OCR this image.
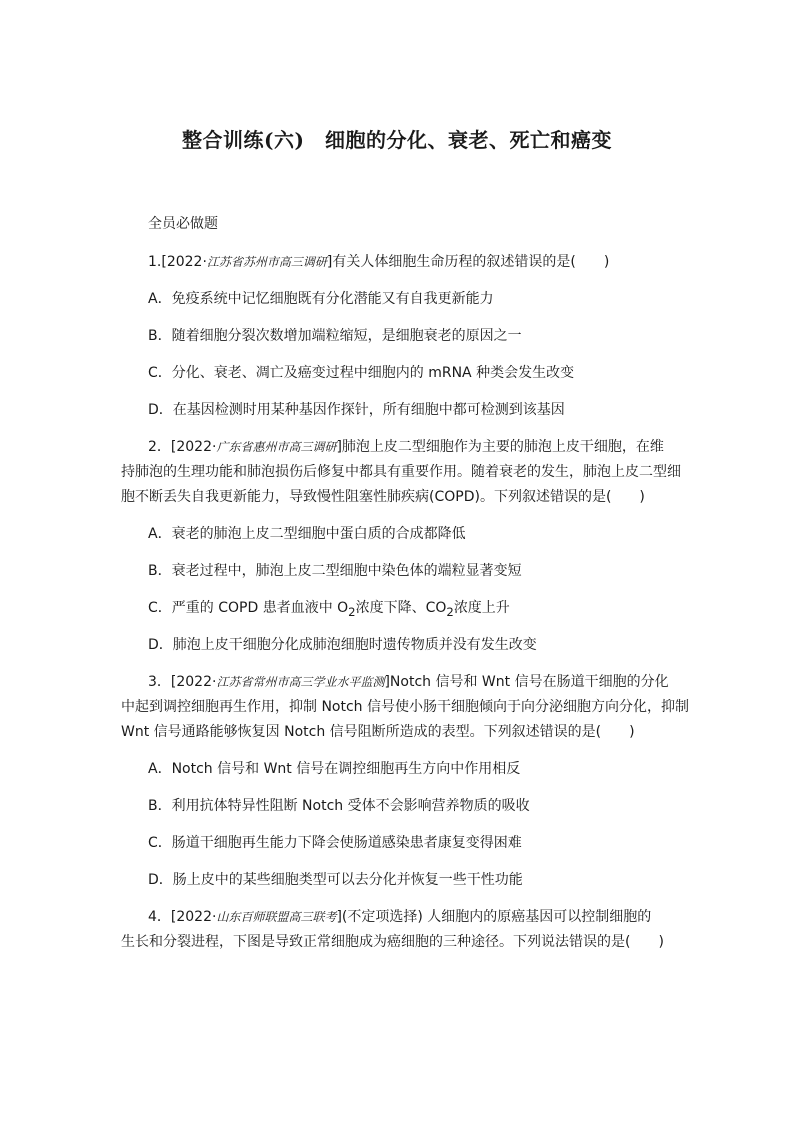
整合训练(六)　细胞的分化、衰老、死亡和癌变
全员必做题
1.[2022·江苏省苏州市高三调研]有关人体细胞生命历程的叙述错误的是(　　)
A．免疫系统中记忆细胞既有分化潜能又有自我更新能力
B．随着细胞分裂次数增加端粒缩短，是细胞衰老的原因之一
C．分化、衰老、凋亡及癌变过程中细胞内的 mRNA 种类会发生改变
D．在基因检测时用某种基因作探针，所有细胞中都可检测到该基因
2．[2022·广东省惠州市高三调研]肺泡上皮二型细胞作为主要的肺泡上皮干细胞，在维
持肺泡的生理功能和肺泡损伤后修复中都具有重要作用。随着衰老的发生，肺泡上皮二型细
胞不断丢失自我更新能力，导致慢性阻塞性肺疾病(COPD)。下列叙述错误的是(　　)
A．衰老的肺泡上皮二型细胞中蛋白质的合成都降低
B．衰老过程中，肺泡上皮二型细胞中染色体的端粒显著变短
C．严重的 COPD 患者血液中 $O_2$浓度下降、$CO_2$浓度上升
D．肺泡上皮干细胞分化成肺泡细胞时遗传物质并没有发生改变
3．[2022·江苏省常州市高三学业水平监测]Notch 信号和 Wnt 信号在肠道干细胞的分化
中起到调控细胞再生作用，抑制 Notch 信号使小肠干细胞倾向于向分泌细胞方向分化，抑制
Wnt 信号通路能够恢复因 Notch 信号阻断所造成的表型。下列叙述错误的是(　　)
A．Notch 信号和 Wnt 信号在调控细胞再生方向中作用相反
B．利用抗体特异性阻断 Notch 受体不会影响营养物质的吸收
C．肠道干细胞再生能力下降会使肠道感染患者康复变得困难
D．肠上皮中的某些细胞类型可以去分化并恢复一些干性功能
4．[2022·山东百师联盟高三联考](不定项选择) 人细胞内的原癌基因可以控制细胞的
生长和分裂进程，下图是导致正常细胞成为癌细胞的三种途径。下列说法错误的是(　　)
